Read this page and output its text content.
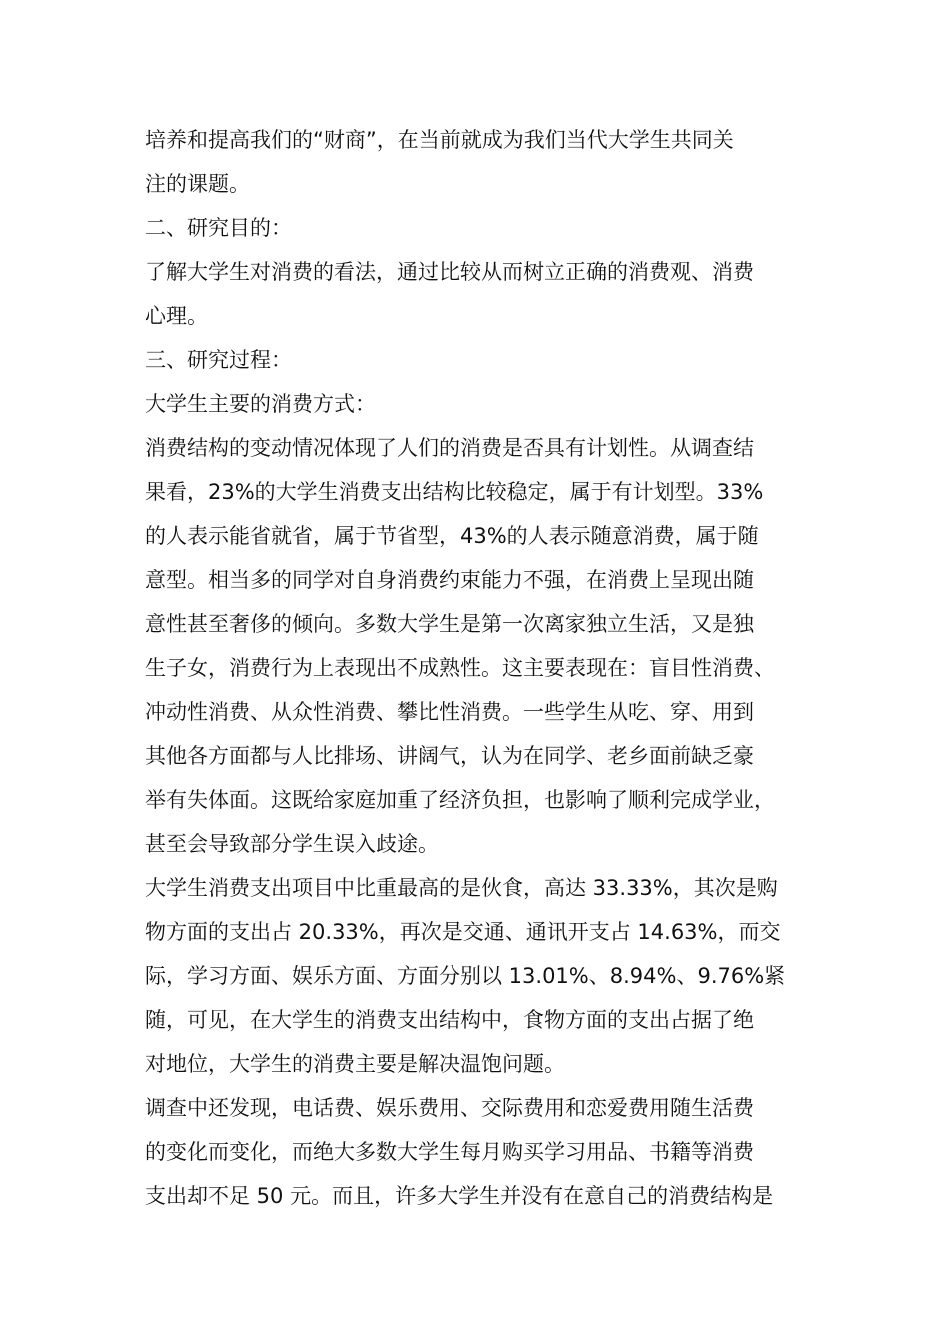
培养和提高我们的“财商”，在当前就成为我们当代大学生共同关
注的课题。
二、研究目的：
了解大学生对消费的看法，通过比较从而树立正确的消费观、消费
心理。
三、研究过程：
大学生主要的消费方式：
消费结构的变动情况体现了人们的消费是否具有计划性。从调查结
果看，23%的大学生消费支出结构比较稳定，属于有计划型。33%
的人表示能省就省，属于节省型，43%的人表示随意消费，属于随
意型。相当多的同学对自身消费约束能力不强，在消费上呈现出随
意性甚至奢侈的倾向。多数大学生是第一次离家独立生活，又是独
生子女，消费行为上表现出不成熟性。这主要表现在：盲目性消费、
冲动性消费、从众性消费、攀比性消费。一些学生从吃、穿、用到
其他各方面都与人比排场、讲阔气，认为在同学、老乡面前缺乏豪
举有失体面。这既给家庭加重了经济负担，也影响了顺利完成学业，
甚至会导致部分学生误入歧途。
大学生消费支出项目中比重最高的是伙食，高达 33.33%，其次是购
物方面的支出占 20.33%，再次是交通、通讯开支占 14.63%，而交
际，学习方面、娱乐方面、方面分别以 13.01%、8.94%、9.76%紧
随，可见，在大学生的消费支出结构中，食物方面的支出占据了绝
对地位，大学生的消费主要是解决温饱问题。
调查中还发现，电话费、娱乐费用、交际费用和恋爱费用随生活费
的变化而变化，而绝大多数大学生每月购买学习用品、书籍等消费
支出却不足 50 元。而且，许多大学生并没有在意自己的消费结构是
